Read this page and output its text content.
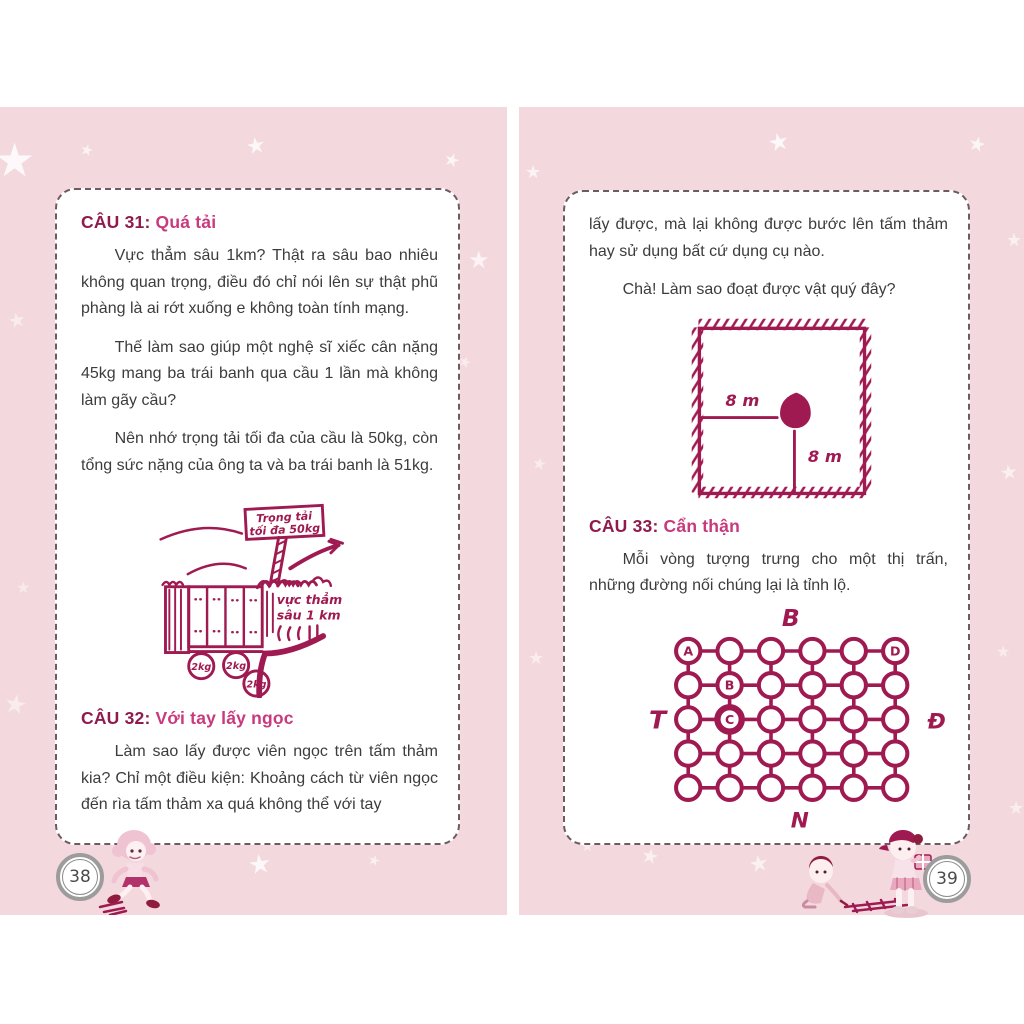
★
★
★
★
★
★
★
★
★
★
★
★
★
CÂU 31: Quá tải

Vực thẳm sâu 1km? Thật ra sâu bao nhiêu không quan trọng, điều đó chỉ nói lên sự thật phũ phàng là ai rớt xuống e không toàn tính mạng.

Thế làm sao giúp một nghệ sĩ xiếc cân nặng 45kg mang ba trái banh qua cầu 1 lần mà không làm gãy cầu?

Nên nhớ trọng tải tối đa của cầu là 50kg, còn tổng sức nặng của ông ta và ba trái banh là 51kg.

Trọng tải
tối đa 50kg
vực thẳm
sâu 1 km
2kg 2kg
2kg
CÂU 32: Với tay lấy ngọc

Làm sao lấy được viên ngọc trên tấm thảm kia? Chỉ một điều kiện: Khoảng cách từ viên ngọc đến rìa tấm thảm xa quá không thể với tay

38
★
★
★
★
★
★
★
★
★
★
★
★

lấy được, mà lại không được bước lên tấm thảm hay sử dụng bất cứ dụng cụ nào.

Chà! Làm sao đoạt được vật quý đây?

8 m
8 m
CÂU 33: Cẩn thận

Mỗi vòng tượng trưng cho một thị trấn, những đường nối chúng lại là tỉnh lộ.

A
B
C
D
B
N
T	Đ
39
